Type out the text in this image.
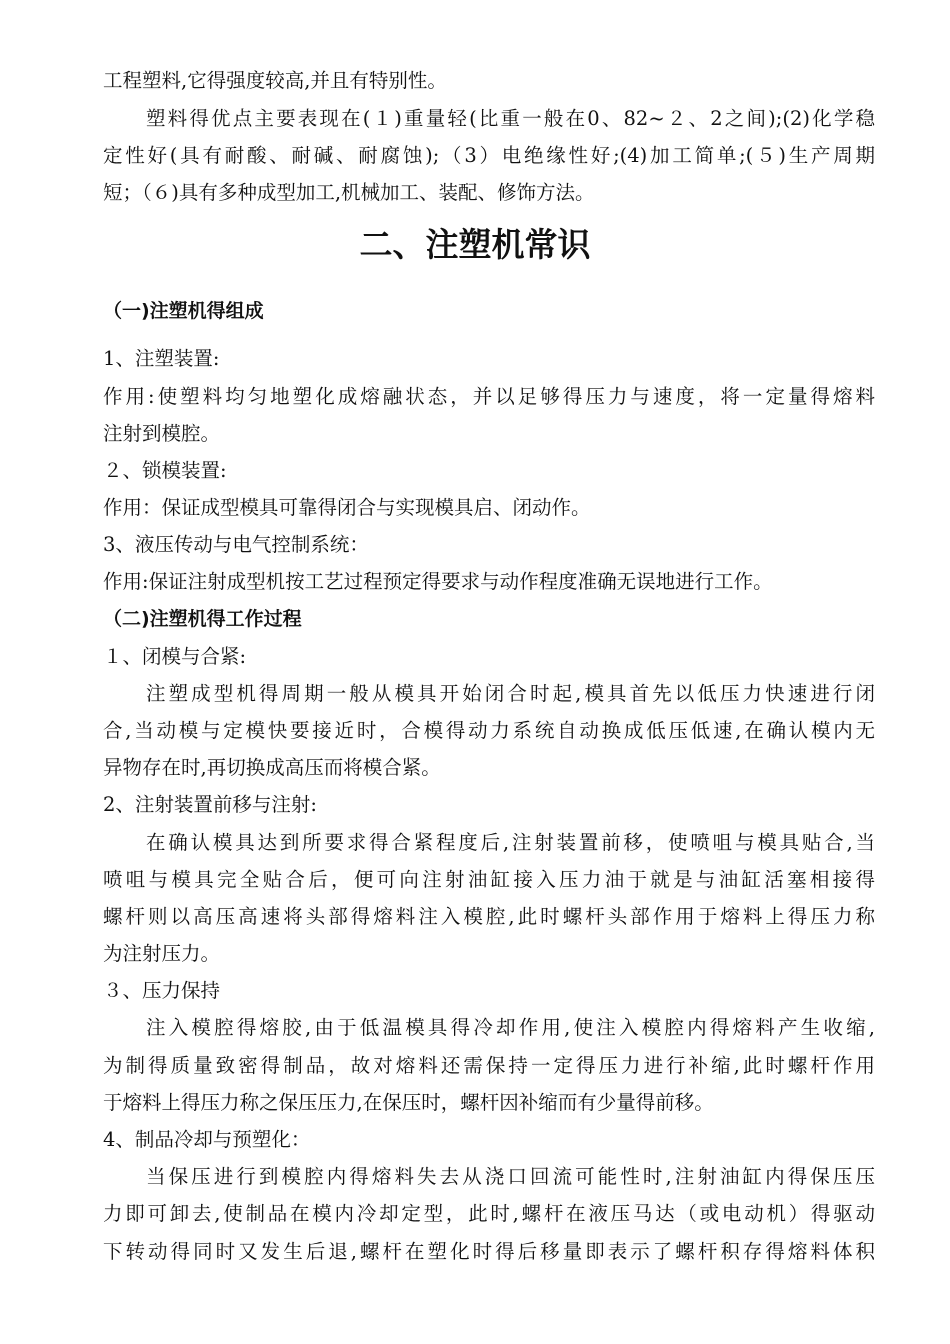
工程塑料,它得强度较高,并且有特别性。
塑料得优点主要表现在(１)重量轻(比重一般在0、82~２、2之间);(2)化学稳
定性好(具有耐酸、耐碱、耐腐蚀);（3）电绝缘性好;(4)加工简单;(５)生产周期
短；（６)具有多种成型加工,机械加工、装配、修饰方法。
二、注塑机常识
（一)注塑机得组成
1、注塑装置:
作用:使塑料均匀地塑化成熔融状态，并以足够得压力与速度，将一定量得熔料
注射到模腔。
２、锁模装置:
作用：保证成型模具可靠得闭合与实现模具启、闭动作。
3、液压传动与电气控制系统：
作用:保证注射成型机按工艺过程预定得要求与动作程度准确无误地进行工作。
（二)注塑机得工作过程
１、闭模与合紧:
注塑成型机得周期一般从模具开始闭合时起,模具首先以低压力快速进行闭
合,当动模与定模快要接近时，合模得动力系统自动换成低压低速,在确认模内无
异物存在时,再切换成高压而将模合紧。
2、注射装置前移与注射:
在确认模具达到所要求得合紧程度后,注射装置前移，使喷咀与模具贴合,当
喷咀与模具完全贴合后，便可向注射油缸接入压力油于就是与油缸活塞相接得
螺杆则以高压高速将头部得熔料注入模腔,此时螺杆头部作用于熔料上得压力称
为注射压力。
３、压力保持
注入模腔得熔胶,由于低温模具得冷却作用,使注入模腔内得熔料产生收缩,
为制得质量致密得制品，故对熔料还需保持一定得压力进行补缩,此时螺杆作用
于熔料上得压力称之保压压力,在保压时，螺杆因补缩而有少量得前移。
4、制品冷却与预塑化：
当保压进行到模腔内得熔料失去从浇口回流可能性时,注射油缸内得保压压
力即可卸去,使制品在模内冷却定型，此时,螺杆在液压马达（或电动机）得驱动
下转动得同时又发生后退,螺杆在塑化时得后移量即表示了螺杆积存得熔料体积
